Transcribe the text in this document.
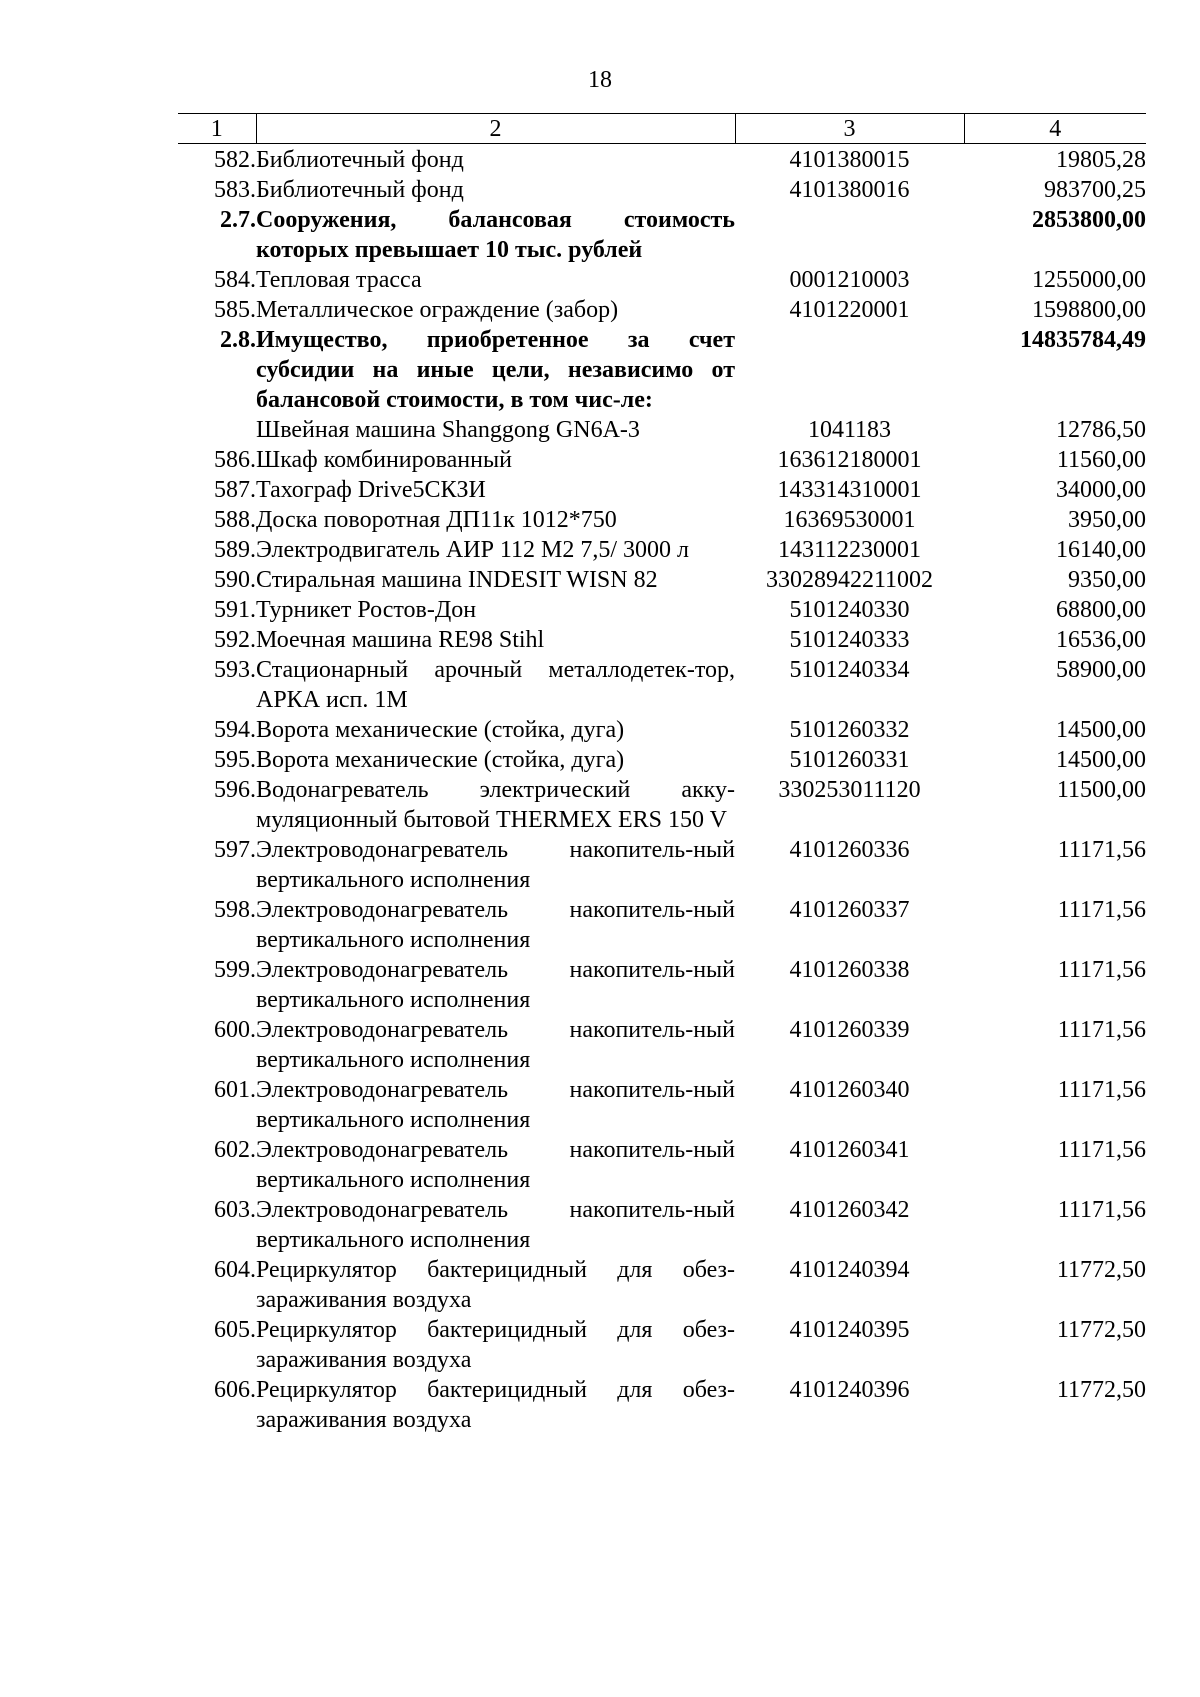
18
1	2	3	4
582.	Библиотечный фонд	4101380015	19805,28
583.	Библиотечный фонд	4101380016	983700,25
2.7.	Сооружения, балансовая стоимость которых превышает 10 тыс. рублей		2853800,00
584.	Тепловая трасса	0001210003	1255000,00
585.	Металлическое ограждение (забор)	4101220001	1598800,00
2.8.	Имущество, приобретенное за счет субсидии на иные цели, независимо от балансовой стоимости, в том чис-ле:		14835784,49
	Швейная машина Shanggong GN6A-3	1041183	12786,50
586.	Шкаф комбинированный	163612180001	11560,00
587.	Тахограф Drive5СКЗИ	143314310001	34000,00
588.	Доска поворотная ДП11к 1012*750	16369530001	3950,00
589.	Электродвигатель АИР 112 М2 7,5/ 3000 л	143112230001	16140,00
590.	Стиральная машина INDESIT WISN 82	33028942211002	9350,00
591.	Турникет Ростов-Дон	5101240330	68800,00
592.	Моечная машина RE98 Stihl	5101240333	16536,00
593.	Стационарный арочный металлодетек-тор, АРКА исп. 1М	5101240334	58900,00
594.	Ворота механические (стойка, дуга)	5101260332	14500,00
595.	Ворота механические (стойка, дуга)	5101260331	14500,00
596.	Водонагреватель электрический акку-муляционный бытовой THERMEX ERS 150 V	330253011120	11500,00
597.	Электроводонагреватель накопитель-ный вертикального исполнения	4101260336	11171,56
598.	Электроводонагреватель накопитель-ный вертикального исполнения	4101260337	11171,56
599.	Электроводонагреватель накопитель-ный вертикального исполнения	4101260338	11171,56
600.	Электроводонагреватель накопитель-ный вертикального исполнения	4101260339	11171,56
601.	Электроводонагреватель накопитель-ный вертикального исполнения	4101260340	11171,56
602.	Электроводонагреватель накопитель-ный вертикального исполнения	4101260341	11171,56
603.	Электроводонагреватель накопитель-ный вертикального исполнения	4101260342	11171,56
604.	Рециркулятор бактерицидный для обез-зараживания воздуха	4101240394	11772,50
605.	Рециркулятор бактерицидный для обез-зараживания воздуха	4101240395	11772,50
606.	Рециркулятор бактерицидный для обез-зараживания воздуха	4101240396	11772,50
